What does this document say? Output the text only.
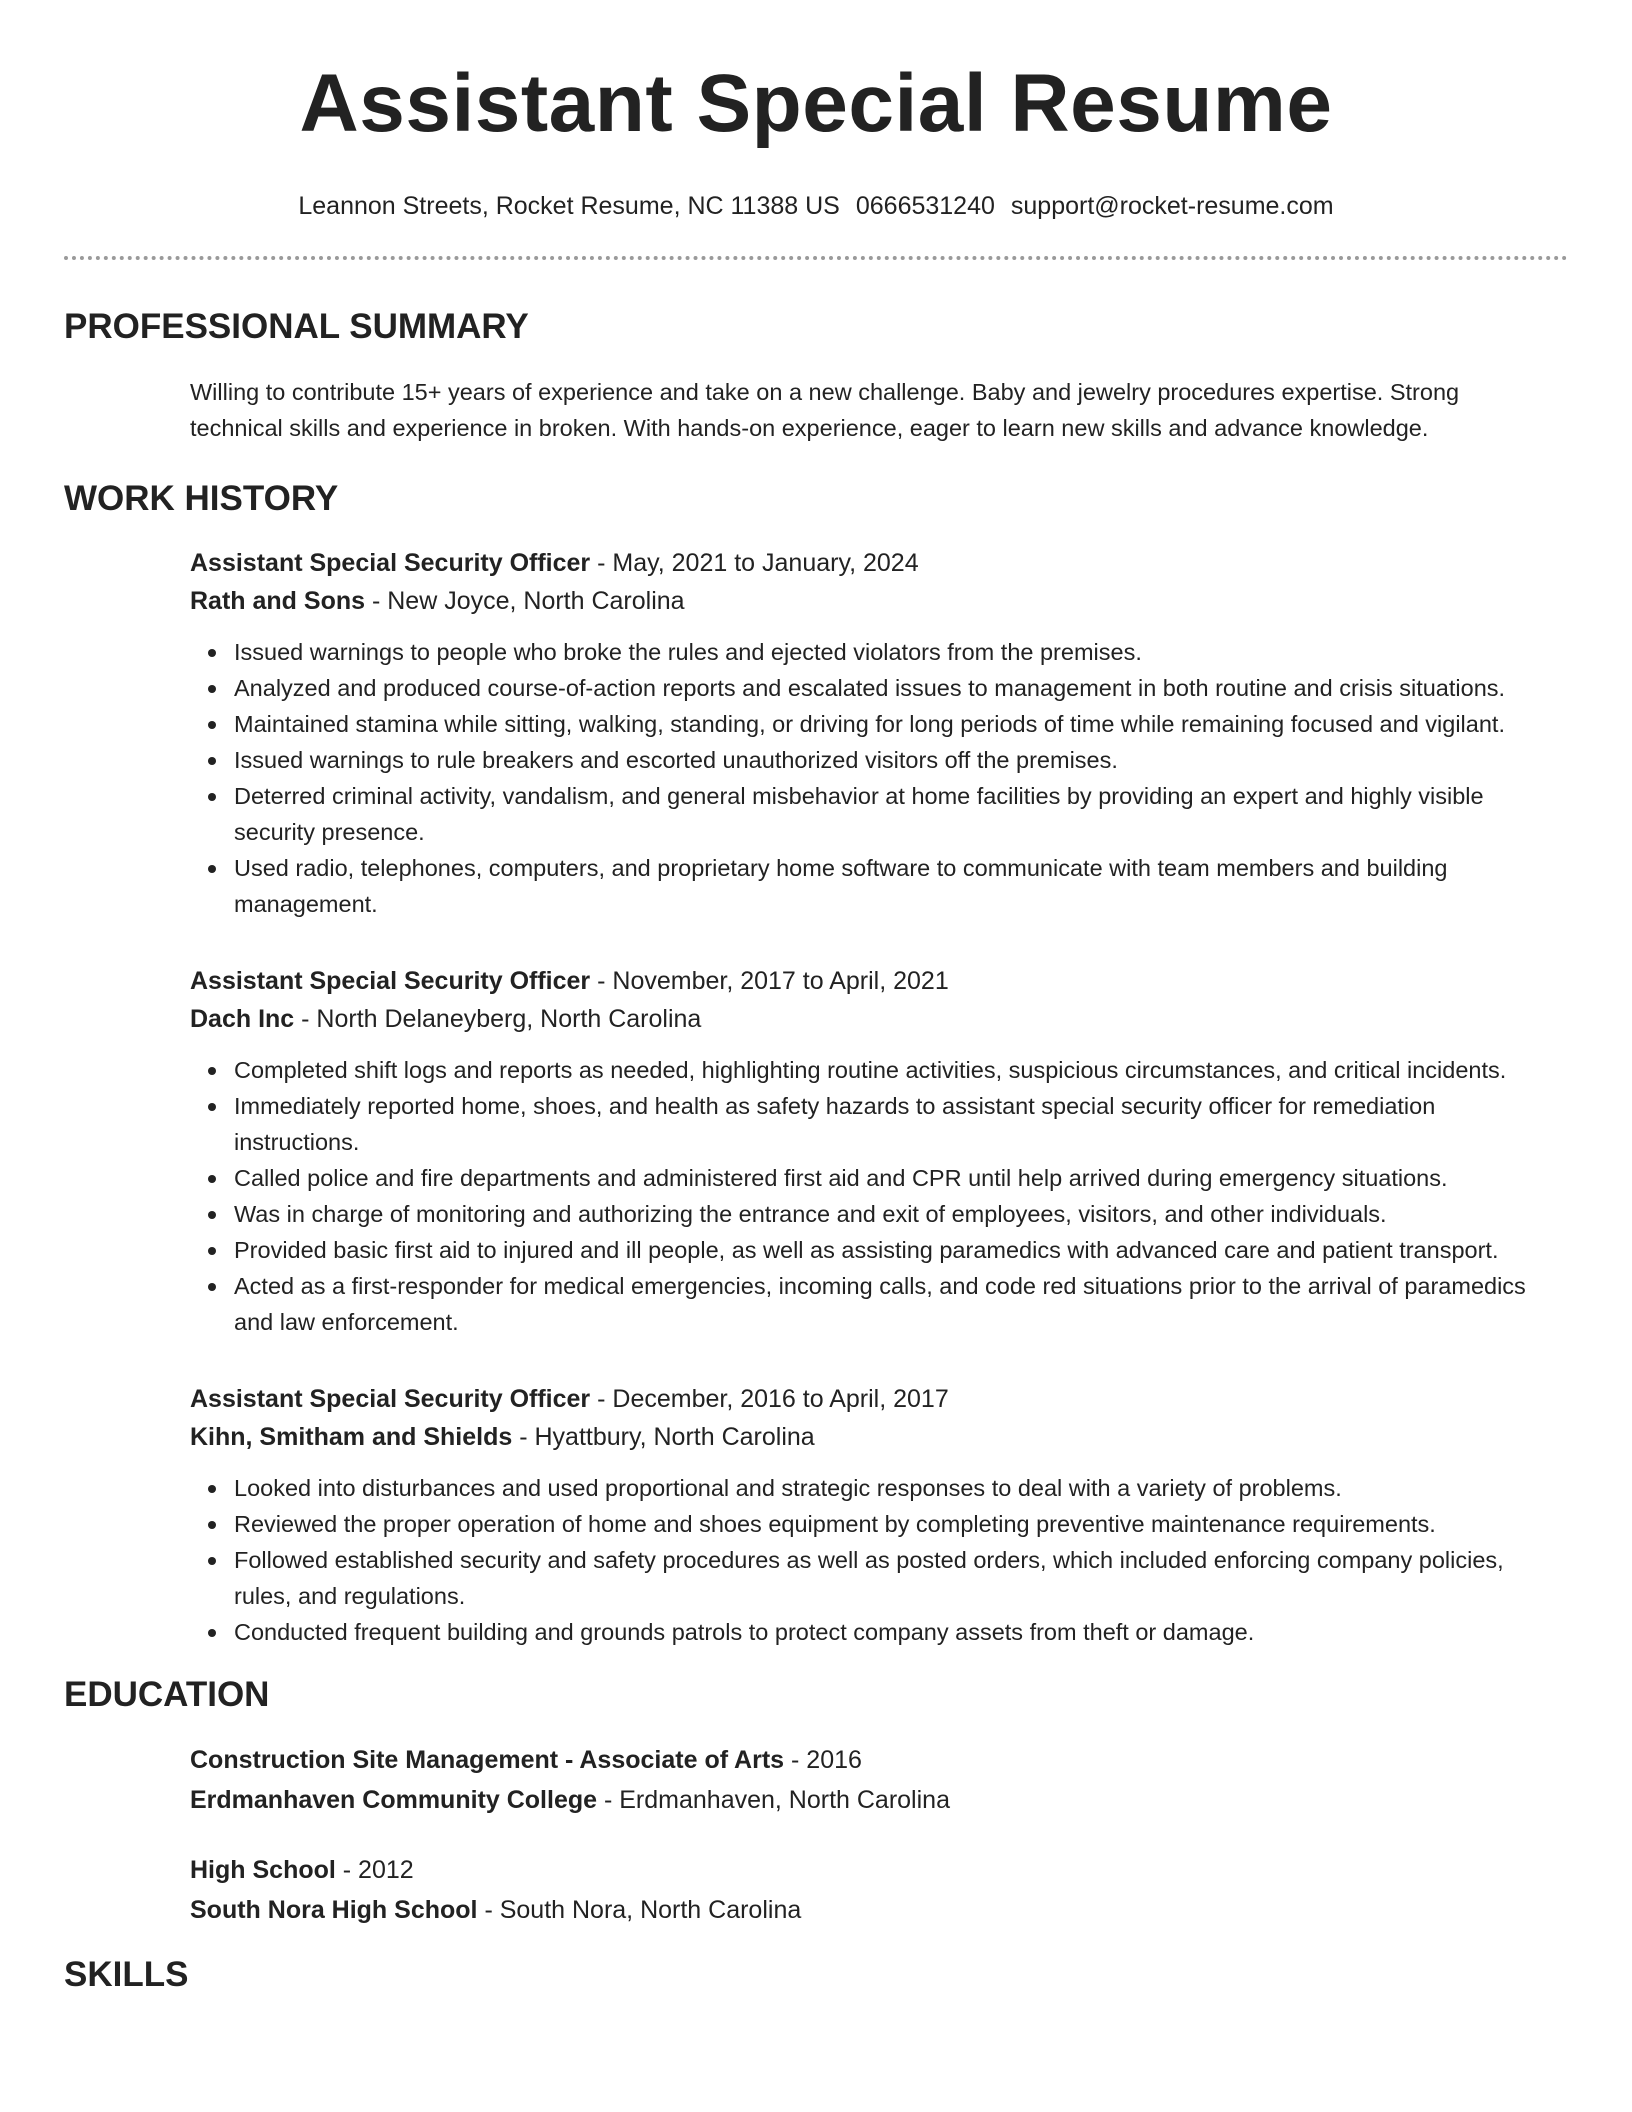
Assistant Special Resume
Leannon Streets, Rocket Resume, NC 11388 US 0666531240 support@rocket-resume.com
PROFESSIONAL SUMMARY

Willing to contribute 15+ years of experience and take on a new challenge. Baby and jewelry procedures expertise. Strong technical skills and experience in broken. With hands-on experience, eager to learn new skills and advance knowledge.

WORK HISTORY
Assistant Special Security Officer - May, 2021 to January, 2024
Rath and Sons - New Joyce, North Carolina
Issued warnings to people who broke the rules and ejected violators from the premises.
Analyzed and produced course-of-action reports and escalated issues to management in both routine and crisis situations.
Maintained stamina while sitting, walking, standing, or driving for long periods of time while remaining focused and vigilant.
Issued warnings to rule breakers and escorted unauthorized visitors off the premises.
Deterred criminal activity, vandalism, and general misbehavior at home facilities by providing an expert and highly visible security presence.
Used radio, telephones, computers, and proprietary home software to communicate with team members and building management.
Assistant Special Security Officer - November, 2017 to April, 2021
Dach Inc - North Delaneyberg, North Carolina
Completed shift logs and reports as needed, highlighting routine activities, suspicious circumstances, and critical incidents.
Immediately reported home, shoes, and health as safety hazards to assistant special security officer for remediation instructions.
Called police and fire departments and administered first aid and CPR until help arrived during emergency situations.
Was in charge of monitoring and authorizing the entrance and exit of employees, visitors, and other individuals.
Provided basic first aid to injured and ill people, as well as assisting paramedics with advanced care and patient transport.
Acted as a first-responder for medical emergencies, incoming calls, and code red situations prior to the arrival of paramedics and law enforcement.
Assistant Special Security Officer - December, 2016 to April, 2017
Kihn, Smitham and Shields - Hyattbury, North Carolina
Looked into disturbances and used proportional and strategic responses to deal with a variety of problems.
Reviewed the proper operation of home and shoes equipment by completing preventive maintenance requirements.
Followed established security and safety procedures as well as posted orders, which included enforcing company policies, rules, and regulations.
Conducted frequent building and grounds patrols to protect company assets from theft or damage.
EDUCATION
Construction Site Management - Associate of Arts - 2016
Erdmanhaven Community College - Erdmanhaven, North Carolina
High School - 2012
South Nora High School - South Nora, North Carolina
SKILLS
